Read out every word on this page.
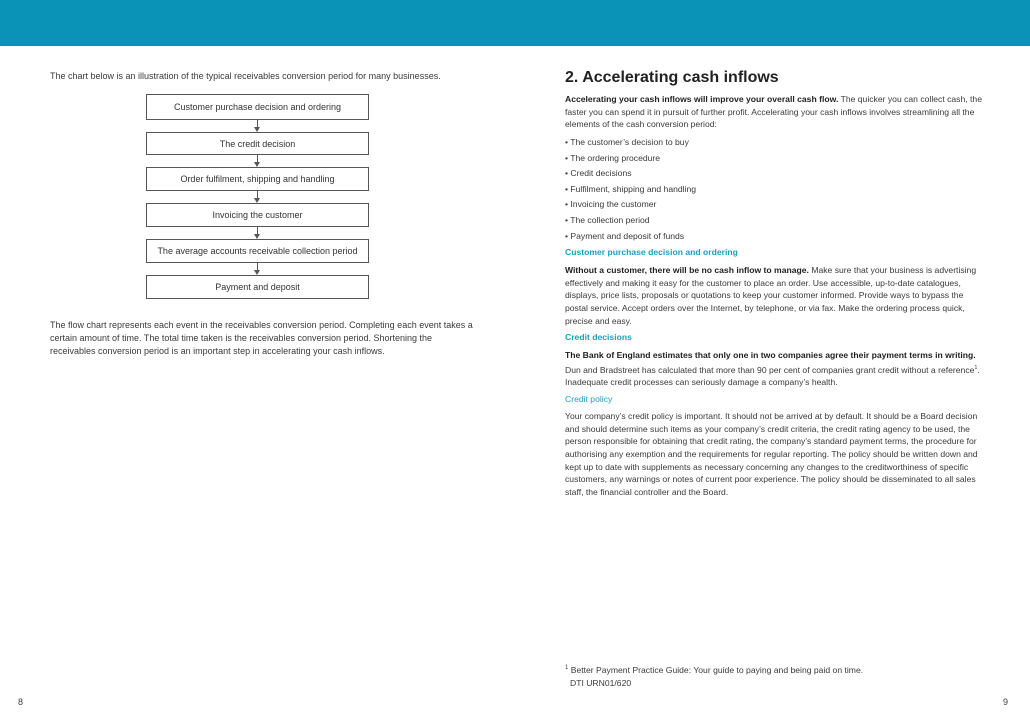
The chart below is an illustration of the typical receivables conversion period for many businesses.

Customer purchase decision and ordering
The credit decision
Order fulfilment, shipping and handling
Invoicing the customer
The average accounts receivable collection period
Payment and deposit

The flow chart represents each event in the receivables conversion period. Completing each event takes a certain amount of time. The total time taken is the receivables conversion period. Shortening the receivables conversion period is an important step in accelerating your cash inflows.

8
2. Accelerating cash inflows

Accelerating your cash inflows will improve your overall cash flow. The quicker you can collect cash, the faster you can spend it in pursuit of further profit. Accelerating your cash inflows involves streamlining all the elements of the cash conversion period:

• The customer’s decision to buy
• The ordering procedure
• Credit decisions
• Fulfilment, shipping and handling
• Invoicing the customer
• The collection period
• Payment and deposit of funds
Customer purchase decision and ordering

Without a customer, there will be no cash inflow to manage. Make sure that your business is advertising effectively and making it easy for the customer to place an order. Use accessible, up-to-date catalogues, displays, price lists, proposals or quotations to keep your customer informed. Provide ways to bypass the postal service. Accept orders over the Internet, by telephone, or via fax. Make the ordering process quick, precise and easy.

Credit decisions

The Bank of England estimates that only one in two companies agree their payment terms in writing. Dun and Bradstreet has calculated that more than 90 per cent of companies grant credit without a reference$^1$. Inadequate credit processes can seriously damage a company’s health.

Credit policy

Your company’s credit policy is important. It should not be arrived at by default. It should be a Board decision and should determine such items as your company’s credit criteria, the credit rating agency to be used, the person responsible for obtaining that credit rating, the company’s standard payment terms, the procedure for authorising any exemption and the requirements for regular reporting. The policy should be written down and kept up to date with supplements as necessary concerning any changes to the creditworthiness of specific customers, any warnings or notes of current poor experience. The policy should be disseminated to all sales staff, the financial controller and the Board.

$^1$ Better Payment Practice Guide: Your guide to paying and being paid on time.
DTI URN01/620
9
